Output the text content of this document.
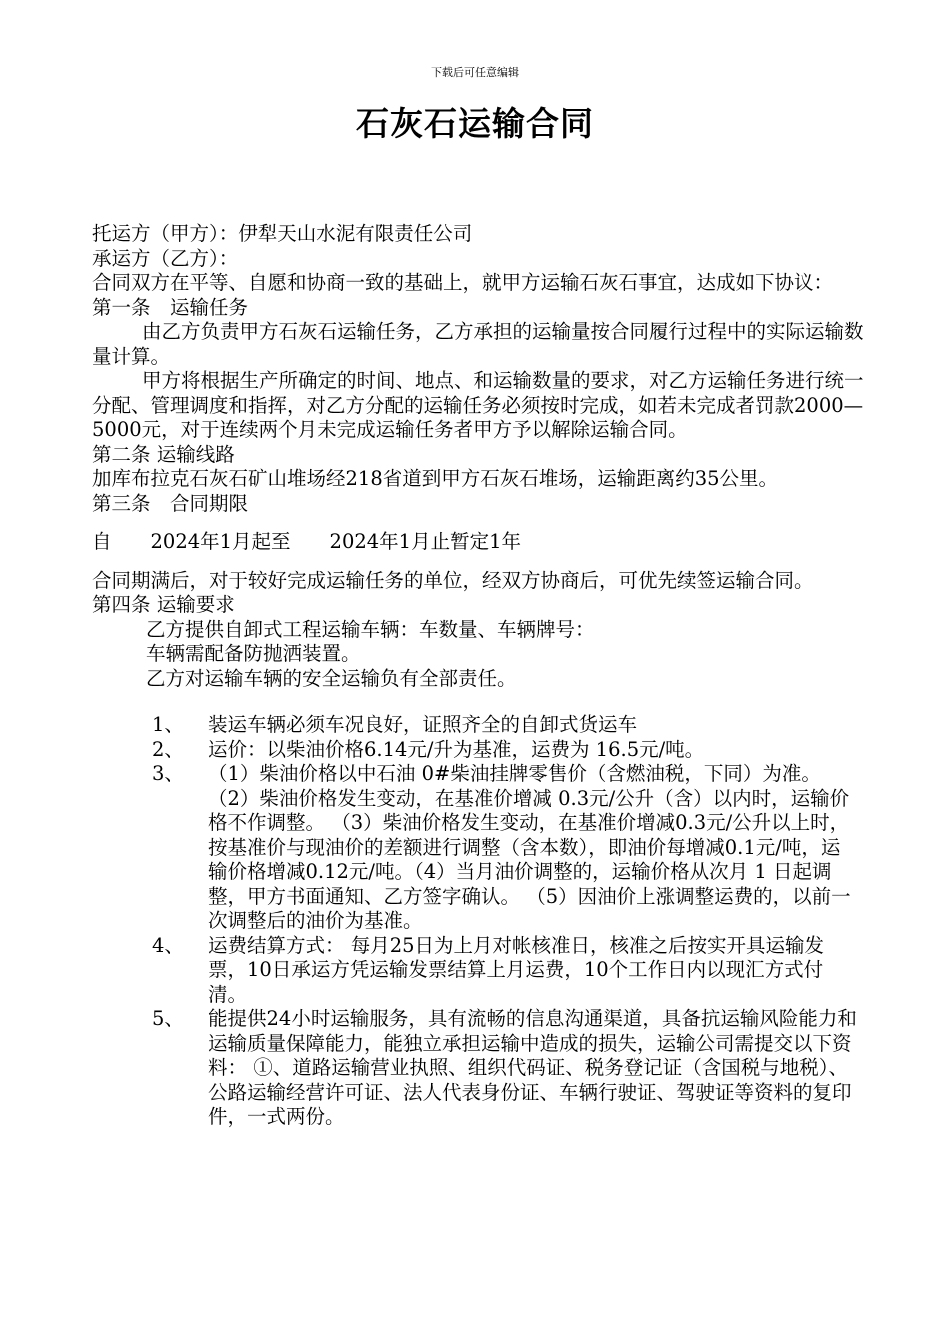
下载后可任意编辑
石灰石运输合同

托运方（甲方）：伊犁天山水泥有限责任公司

承运方（乙方）：

合同双方在平等、自愿和协商一致的基础上，就甲方运输石灰石事宜，达成如下协议：

第一条　运输任务

由乙方负责甲方石灰石运输任务，乙方承担的运输量按合同履行过程中的实际运输数量计算。

甲方将根据生产所确定的时间、地点、和运输数量的要求，对乙方运输任务进行统一分配、管理调度和指挥，对乙方分配的运输任务必须按时完成，如若未完成者罚款2000—5000元，对于连续两个月未完成运输任务者甲方予以解除运输合同。

第二条 运输线路

加库布拉克石灰石矿山堆场经218省道到甲方石灰石堆场，运输距离约35公里。

第三条　合同期限

自　　2024年1月起至　　2024年1月止暂定1年

合同期满后，对于较好完成运输任务的单位，经双方协商后，可优先续签运输合同。

第四条 运输要求

乙方提供自卸式工程运输车辆：车数量、车辆牌号：

车辆需配备防抛洒装置。

乙方对运输车辆的安全运输负有全部责任。

1、	装运车辆必须车况良好，证照齐全的自卸式货运车
2、	运价：以柴油价格6.14元/升为基准，运费为 16.5元/吨。
3、	（1）柴油价格以中石油 0#柴油挂牌零售价（含燃油税，下同）为准。 （2）柴油价格发生变动，在基准价增减 0.3元/公升（含）以内时，运输价格不作调整。 （3）柴油价格发生变动，在基准价增减0.3元/公升以上时，按基准价与现油价的差额进行调整（含本数），即油价每增减0.1元/吨，运输价格增减0.12元/吨。（4）当月油价调整的，运输价格从次月 1 日起调整，甲方书面通知、乙方签字确认。 （5）因油价上涨调整运费的，以前一次调整后的油价为基准。
4、	运费结算方式： 每月25日为上月对帐核准日，核准之后按实开具运输发票，10日承运方凭运输发票结算上月运费，10个工作日内以现汇方式付清。
5、	能提供24小时运输服务，具有流畅的信息沟通渠道，具备抗运输风险能力和运输质量保障能力，能独立承担运输中造成的损失，运输公司需提交以下资料： ①、道路运输营业执照、组织代码证、税务登记证（含国税与地税）、公路运输经营许可证、法人代表身份证、车辆行驶证、驾驶证等资料的复印件，一式两份。
